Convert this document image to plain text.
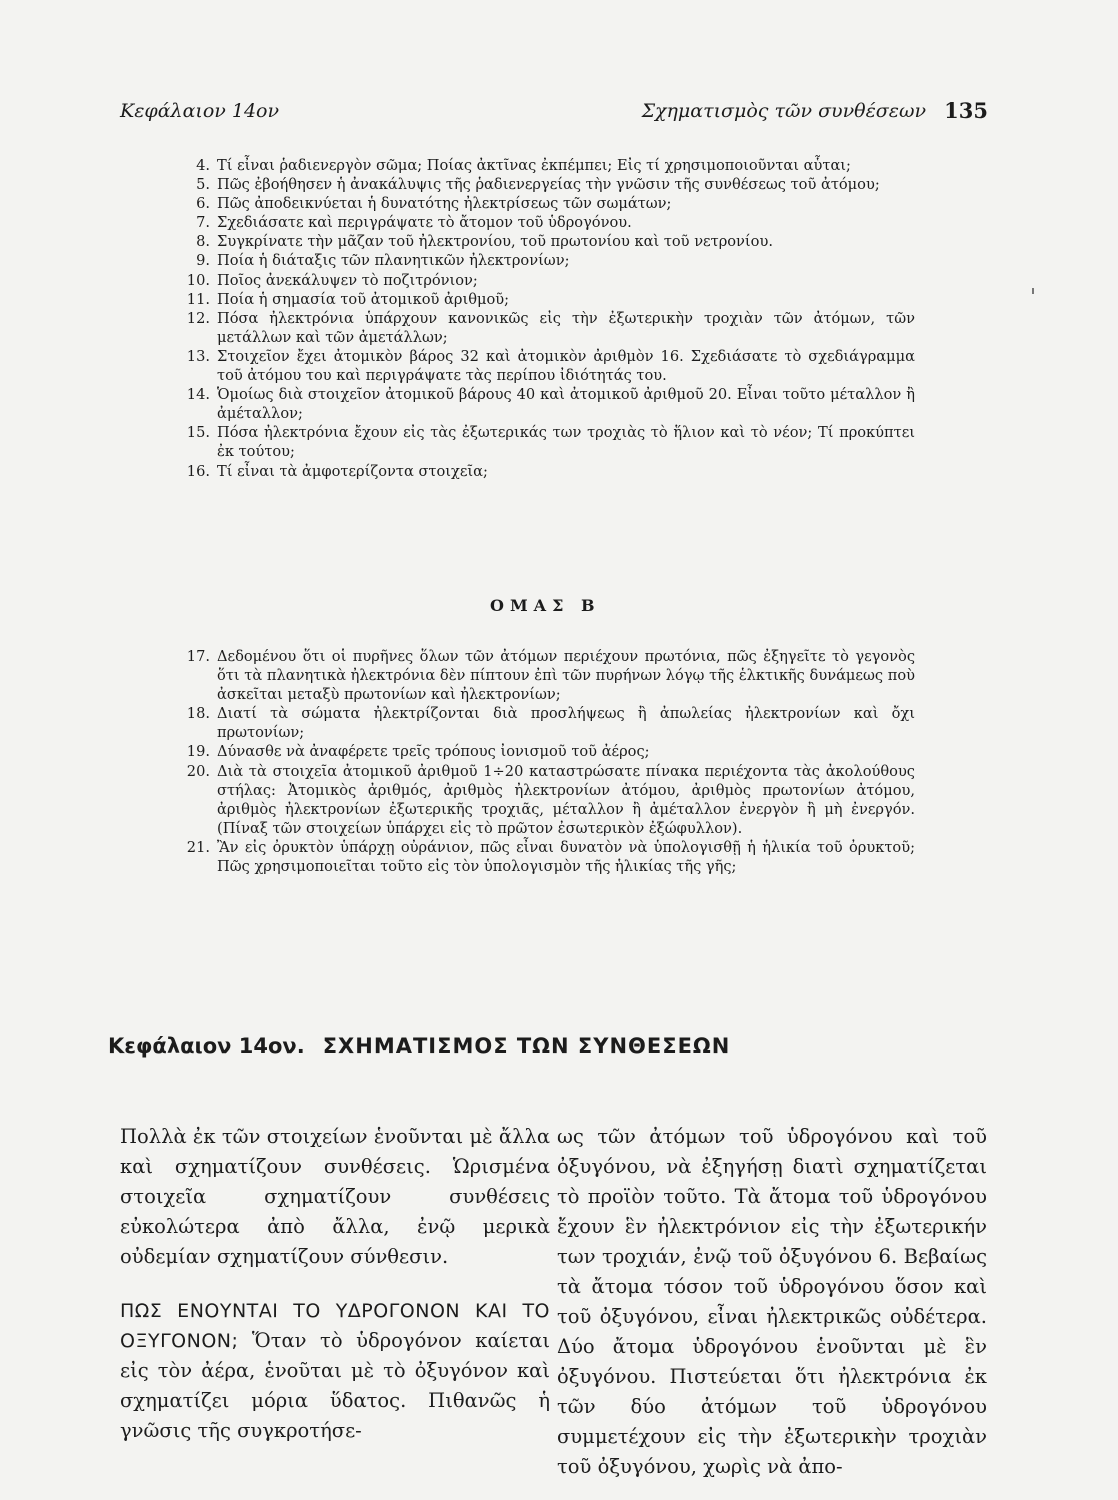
Κεφάλαιον 14ον	Σχηματισμὸς τῶν συνθέσεων 135
4. Τί εἶναι ῥαδιενεργὸν σῶμα; Ποίας ἀκτῖνας ἐκπέμπει; Εἰς τί χρησιμοποιοῦνται αὗται;
5. Πῶς ἐβοήθησεν ἡ ἀνακάλυψις τῆς ῥαδιενεργείας τὴν γνῶσιν τῆς συνθέσεως τοῦ ἀτόμου;
6. Πῶς ἀποδεικνύεται ἡ δυνατότης ἠλεκτρίσεως τῶν σωμάτων;
7. Σχεδιάσατε καὶ περιγράψατε τὸ ἄτομον τοῦ ὑδρογόνου.
8. Συγκρίνατε τὴν μᾶζαν τοῦ ἠλεκτρονίου, τοῦ πρωτονίου καὶ τοῦ νετρονίου.
9. Ποία ἡ διάταξις τῶν πλανητικῶν ἠλεκτρονίων;
10. Ποῖος ἀνεκάλυψεν τὸ ποζιτρόνιον;
11. Ποία ἡ σημασία τοῦ ἀτομικοῦ ἀριθμοῦ;
12. Πόσα ἠλεκτρόνια ὑπάρχουν κανονικῶς εἰς τὴν ἐξωτερικὴν τροχιὰν τῶν ἀτόμων, τῶν μετάλλων καὶ τῶν ἀμετάλλων;
13. Στοιχεῖον ἔχει ἀτομικὸν βάρος 32 καὶ ἀτομικὸν ἀριθμὸν 16. Σχεδιάσατε τὸ σχεδιάγραμμα τοῦ ἀτόμου του καὶ περιγράψατε τὰς περίπου ἰδιότητάς του.
14. Ὁμοίως διὰ στοιχεῖον ἀτομικοῦ βάρους 40 καὶ ἀτομικοῦ ἀριθμοῦ 20. Εἶναι τοῦτο μέταλλον ἢ ἀμέταλλον;
15. Πόσα ἠλεκτρόνια ἔχουν εἰς τὰς ἐξωτερικάς των τροχιὰς τὸ ἥλιον καὶ τὸ νέον; Τί προκύπτει ἐκ τούτου;
16. Τί εἶναι τὰ ἀμφοτερίζοντα στοιχεῖα;
ΟΜΑΣ Β
17. Δεδομένου ὅτι οἱ πυρῆνες ὅλων τῶν ἀτόμων περιέχουν πρωτόνια, πῶς ἐξηγεῖτε τὸ γεγονὸς ὅτι τὰ πλανητικὰ ἠλεκτρόνια δὲν πίπτουν ἐπὶ τῶν πυρήνων λόγῳ τῆς ἑλκτικῆς δυνάμεως ποὺ ἀσκεῖται μεταξὺ πρωτονίων καὶ ἠλεκτρονίων;
18. Διατί τὰ σώματα ἠλεκτρίζονται διὰ προσλήψεως ἢ ἀπωλείας ἠλεκτρονίων καὶ ὄχι πρωτονίων;
19. Δύνασθε νὰ ἀναφέρετε τρεῖς τρόπους ἰονισμοῦ τοῦ ἀέρος;
20. Διὰ τὰ στοιχεῖα ἀτομικοῦ ἀριθμοῦ 1÷20 καταστρώσατε πίνακα περιέχοντα τὰς ἀκολούθους στήλας: Ἀτομικὸς ἀριθμός, ἀριθμὸς ἠλεκτρονίων ἀτόμου, ἀριθμὸς πρωτονίων ἀτόμου, ἀριθμὸς ἠλεκτρονίων ἐξωτερικῆς τροχιᾶς, μέταλλον ἢ ἀμέταλλον ἐνεργὸν ἢ μὴ ἐνεργόν. (Πίναξ τῶν στοιχείων ὑπάρχει εἰς τὸ πρῶτον ἐσωτερικὸν ἐξώφυλλον).
21. Ἂν εἰς ὀρυκτὸν ὑπάρχῃ οὐράνιον, πῶς εἶναι δυνατὸν νὰ ὑπολογισθῇ ἡ ἡλικία τοῦ ὀρυκτοῦ; Πῶς χρησιμοποιεῖται τοῦτο εἰς τὸν ὑπολογισμὸν τῆς ἡλικίας τῆς γῆς;
Κεφάλαιον 14ον. ΣΧΗΜΑΤΙΣΜΟΣ ΤΩΝ ΣΥΝΘΕΣΕΩΝ

Πολλὰ ἐκ τῶν στοιχείων ἑνοῦνται μὲ ἄλλα καὶ σχηματίζουν συνθέσεις. Ὡρισμένα στοιχεῖα σχηματίζουν συνθέσεις εὐκολώτερα ἀπὸ ἄλλα, ἐνῷ μερικὰ οὐδεμίαν σχηματίζουν σύνθεσιν.

ΠΩΣ ΕΝΟΥΝΤΑΙ ΤΟ ΥΔΡΟΓΟΝΟΝ ΚΑΙ ΤΟ ΟΞΥΓΟΝΟΝ; Ὅταν τὸ ὑδρογόνον καίεται εἰς τὸν ἀέρα, ἑνοῦται μὲ τὸ ὀξυγόνον καὶ σχηματίζει μόρια ὕδατος. Πιθανῶς ἡ γνῶσις τῆς συγκροτήσε-

ως τῶν ἀτόμων τοῦ ὑδρογόνου καὶ τοῦ ὀξυγόνου, νὰ ἐξηγήσῃ διατὶ σχηματίζεται τὸ προϊὸν τοῦτο. Τὰ ἄτομα τοῦ ὑδρογόνου ἔχουν ἓν ἠλεκτρόνιον εἰς τὴν ἐξωτερικήν των τροχιάν, ἐνῷ τοῦ ὀξυγόνου 6. Βεβαίως τὰ ἄτομα τόσον τοῦ ὑδρογόνου ὅσον καὶ τοῦ ὀξυγόνου, εἶναι ἠλεκτρικῶς οὐδέτερα. Δύο ἄτομα ὑδρογόνου ἑνοῦνται μὲ ἓν ὀξυγόνου. Πιστεύεται ὅτι ἠλεκτρόνια ἐκ τῶν δύο ἀτόμων τοῦ ὑδρογόνου συμμετέχουν εἰς τὴν ἐξωτερικὴν τροχιὰν τοῦ ὀξυγόνου, χωρὶς νὰ ἀπο-
